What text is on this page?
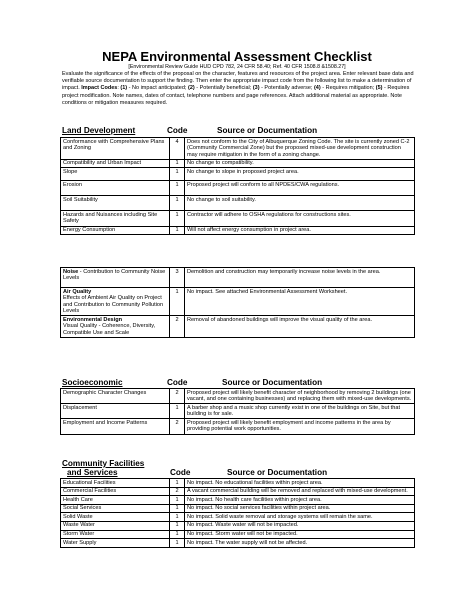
NEPA Environmental Assessment Checklist
[Environmental Review Guide HUD CPD 782, 24 CFR 58.40; Ref. 40 CFR 1508.8 &1508.27]
Evaluate the significance of the effects of the proposal on the character, features and resources of the project area. Enter relevant base data and verifiable source documentation to support the finding. Then enter the appropriate impact code from the following list to make a determination of impact. Impact Codes: (1) - No impact anticipated; (2) - Potentially beneficial; (3) - Potentially adverse; (4) - Requires mitigation; (5) - Requires project modification. Note names, dates of contact, telephone numbers and page references. Attach additional material as appropriate. Note conditions or mitigation measures required.
Land Development	Code	Source or Documentation
Conformance with Comprehensive Plans and Zoning	4	Does not conform to the City of Albuquerque Zoning Code. The site is currently zoned C-2 (Community Commercial Zone) but the proposed mixed-use development construction may require mitigation in the form of a zoning change.
Compatibility and Urban Impact	1	No change to compatibility.
Slope	1	No change to slope in proposed project area.
Erosion	1	Proposed project will conform to all NPDES/CWA regulations.
Soil Suitability	1	No change to soil suitability.
Hazards and Nuisances including Site Safety	1	Contractor will adhere to OSHA regulations for constructions sites.
Energy Consumption	1	Will not affect energy consumption in project area.
Noise - Contribution to Community Noise Levels	3	Demolition and construction may temporarily increase noise levels in the area.
Air Quality
Effects of Ambient Air Quality on Project and Contribution to Community Pollution Levels	1	No impact. See attached Environmental Assessment Worksheet.
Environmental Design
Visual Quality - Coherence, Diversity, Compatible Use and Scale	2	Removal of abandoned buildings will improve the visual quality of the area.
Socioeconomic	Code	Source or Documentation
Demographic Character Changes	2	Proposed project will likely benefit character of neighborhood by removing 2 buildings (one vacant, and one containing businesses) and replacing them with mixed-use developments.
Displacement	1	A barber shop and a music shop currently exist in one of the buildings on Site, but that building is for sale.
Employment and Income Patterns	2	Proposed project will likely benefit employment and income patterns in the area by providing potential work opportunities.
Community Facilities
and Services	Code	Source or Documentation
Educational Facilities	1	No impact. No educational facilities within project area.
Commercial Facilities	2	A vacant commercial building will be removed and replaced with mixed-use development.
Health Care	1	No impact. No health care facilities within project area.
Social Services	1	No impact. No social services facilities within project area.
Solid Waste	1	No impact. Solid waste removal and storage systems will remain the same.
Waste Water	1	No impact. Waste water will not be impacted.
Storm Water	1	No impact. Storm water will not be impacted.
Water Supply	1	No impact. The water supply will not be affected.
